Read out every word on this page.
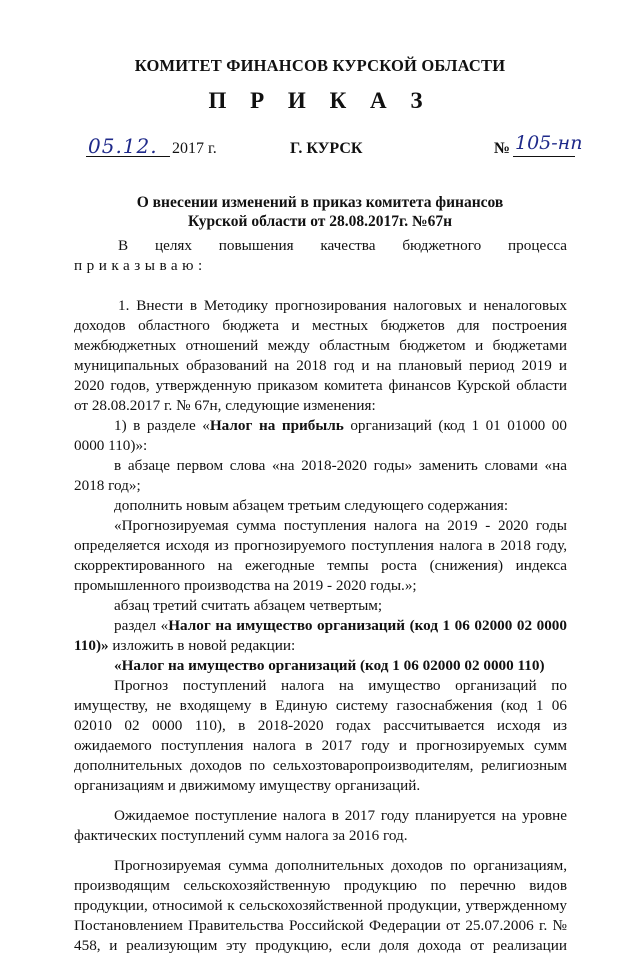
КОМИТЕТ ФИНАНСОВ КУРСКОЙ ОБЛАСТИ
П Р И К А З
05.12. 2017 г.	Г. КУРСК	№ 105-нп
О внесении изменений в приказ комитета финансов
Курской области от 28.08.2017г. №67н

В целях повышения качества бюджетного процесса

приказываю:

1. Внести в Методику прогнозирования налоговых и неналоговых

доходов областного бюджета и местных бюджетов для построения

межбюджетных отношений между областным бюджетом и бюджетами

муниципальных образований на 2018 год и на плановый период 2019 и

2020 годов, утвержденную приказом комитета финансов Курской области

от 28.08.2017 г. № 67н, следующие изменения:

1) в разделе «Налог на прибыль организаций (код 1 01 01000 00

0000 110)»:

в абзаце первом слова «на 2018-2020 годы» заменить словами «на

2018 год»;

дополнить новым абзацем третьим следующего содержания:

«Прогнозируемая сумма поступления налога на 2019 - 2020 годы

определяется исходя из прогнозируемого поступления налога в 2018 году,

скорректированного на ежегодные темпы роста (снижения) индекса

промышленного производства на 2019 - 2020 годы.»;

абзац третий считать абзацем четвертым;

раздел «Налог на имущество организаций (код 1 06 02000 02 0000

110)» изложить в новой редакции:

«Налог на имущество организаций (код 1 06 02000 02 0000 110)

Прогноз поступлений налога на имущество организаций по

имуществу, не входящему в Единую систему газоснабжения (код 1 06

02010 02 0000 110), в 2018-2020 годах рассчитывается исходя из

ожидаемого поступления налога в 2017 году и прогнозируемых сумм

дополнительных доходов по сельхозтоваропроизводителям, религиозным

организациям и движимому имуществу организаций.

Ожидаемое поступление налога в 2017 году планируется на уровне

фактических поступлений сумм налога за 2016 год.

Прогнозируемая сумма дополнительных доходов по организациям,

производящим сельскохозяйственную продукцию по перечню видов

продукции, относимой к сельскохозяйственной продукции, утвержденному

Постановлением Правительства Российской Федерации от 25.07.2006 г. №

458, и реализующим эту продукцию, если доля дохода от реализации
